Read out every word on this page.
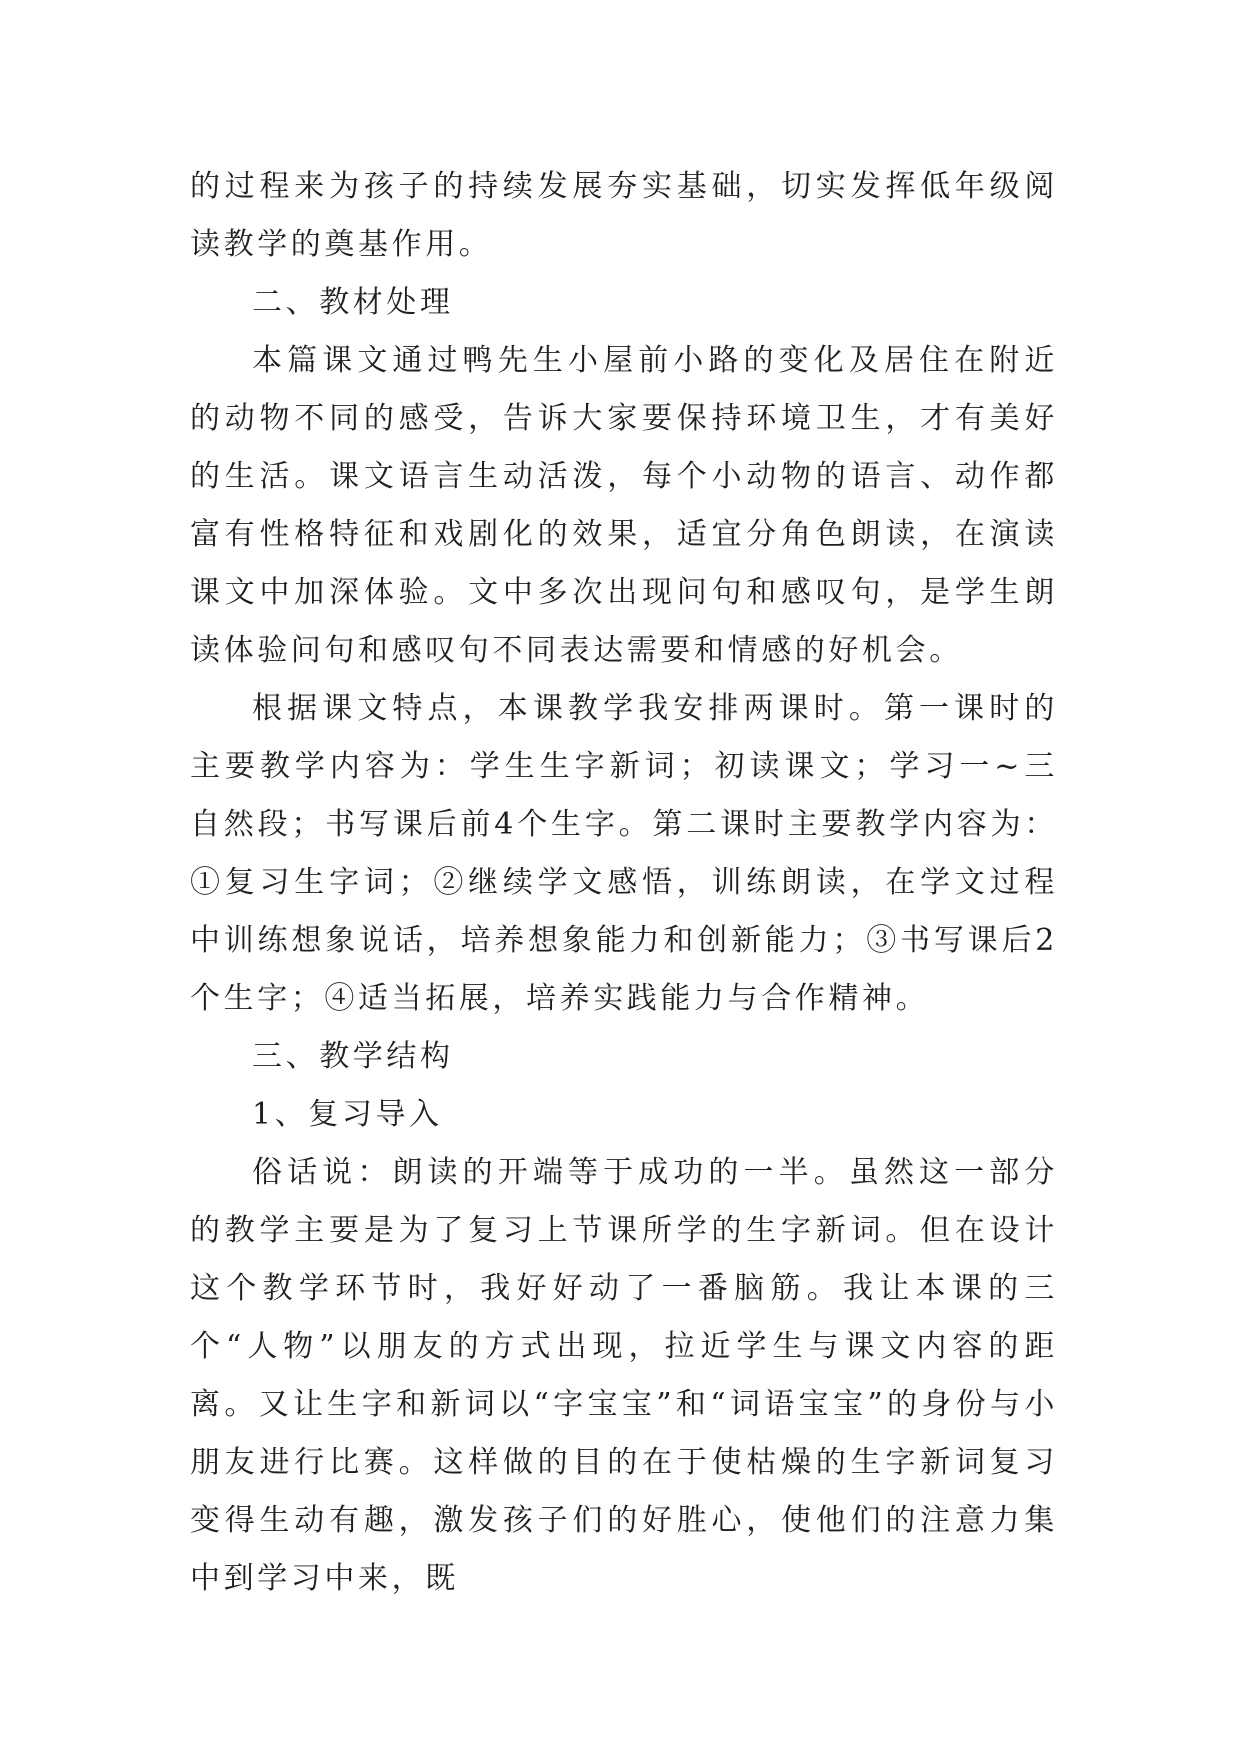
的过程来为孩子的持续发展夯实基础，切实发挥低年级阅读教学的奠基作用。

二、教材处理

本篇课文通过鸭先生小屋前小路的变化及居住在附近的动物不同的感受，告诉大家要保持环境卫生，才有美好的生活。课文语言生动活泼，每个小动物的语言、动作都富有性格特征和戏剧化的效果，适宜分角色朗读，在演读课文中加深体验。文中多次出现问句和感叹句，是学生朗读体验问句和感叹句不同表达需要和情感的好机会。

根据课文特点，本课教学我安排两课时。第一课时的主要教学内容为：学生生字新词；初读课文；学习一~三自然段；书写课后前4个生字。第二课时主要教学内容为：①复习生字词；②继续学文感悟，训练朗读，在学文过程中训练想象说话，培养想象能力和创新能力；③书写课后2个生字；④适当拓展，培养实践能力与合作精神。

三、教学结构

1、复习导入

俗话说：朗读的开端等于成功的一半。虽然这一部分的教学主要是为了复习上节课所学的生字新词。但在设计这个教学环节时，我好好动了一番脑筋。我让本课的三个“人物”以朋友的方式出现，拉近学生与课文内容的距离。又让生字和新词以“字宝宝”和“词语宝宝”的身份与小朋友进行比赛。这样做的目的在于使枯燥的生字新词复习变得生动有趣，激发孩子们的好胜心，使他们的注意力集中到学习中来，既
